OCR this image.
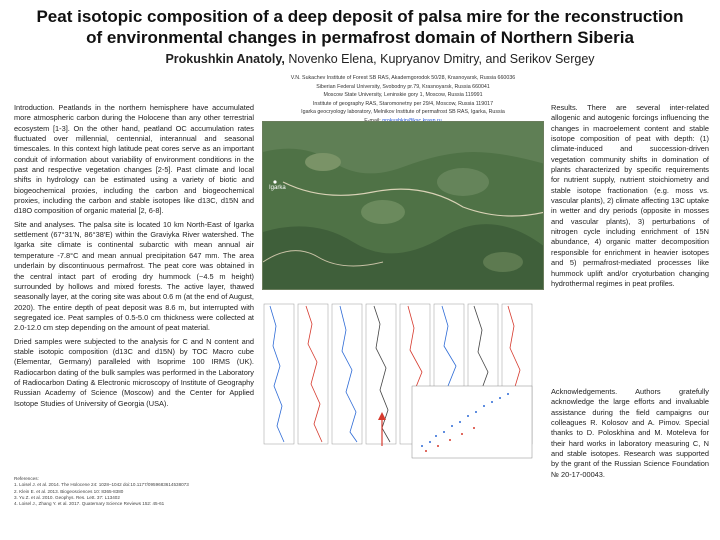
Peat isotopic composition of a deep deposit of palsa mire for the reconstruction
of environmental changes in permafrost domain of Northern Siberia
Prokushkin Anatoly, Novenko Elena, Kupryanov Dmitry, and Serikov Sergey
V.N. Sukachev Institute of Forest SB RAS, Akademgorodok 50/28, Krasnoyarsk, Russia 660036
Siberian Federal University, Svobodny pr.79, Krasnoyarsk, Russia 660041
Moscow State University, Leninskie gory 1, Moscow, Russia 119991
Institute of geography RAS, Staromonetny per 29/4, Moscow, Russia 119017
Igarka geocryology laboratory, Melnikov Institute of permafrost SB RAS, Igarka, Russia

Introduction. Peatlands in the northern hemisphere have accumulated more atmospheric carbon during the Holocene than any other terrestrial ecosystem [1-3]. On the other hand, peatland OC accumulation rates fluctuated over millennial, centennial, interannual and seasonal timescales. In this context high latitude peat cores serve as an important conduit of information about variability of environment conditions in the past and respective vegetation changes [2-5]. Past climate and local shifts in hydrology can be estimated using a variety of biotic and biogeochemical proxies, including the carbon and biogeochemical proxies, including the carbon and stable isotopes like d13C, d15N and d18O composition of organic material [2, 6-8].

Site and analyses. The palsa site is located 10 km North-East of Igarka settlement (67°31'N, 86°38'E) within the Graviyka River watershed. The Igarka site climate is continental subarctic with mean annual air temperature -7.8°C and mean annual precipitation 647 mm. The area underlain by discontinuous permafrost. The peat core was obtained in the central intact part of eroding dry hummock (~4.5 m height) surrounded by hollows and mixed forests. The active layer, thawed seasonally layer, at the coring site was about 0.6 m (at the end of August, 2020). The entire depth of peat deposit was 8.6 m, but interrupted with segregated ice. Peat samples of 0.5-5.0 cm thickness were collected at 2.0-12.0 cm step depending on the amount of peat material.

Dried samples were subjected to the analysis for C and N content and stable isotopic composition (d13C and d15N) by TOC Macro cube (Elementar, Germany) paralleled with Isoprime 100 IRMS (UK). Radiocarbon dating of the bulk samples was performed in the Laboratory of Radiocarbon Dating & Electronic microscopy of Institute of Geography Russian Academy of Science (Moscow) and the Center for Applied Isotope Studies of University of Georgia (USA).

Igarka

Results. There are several inter-related allogenic and autogenic forcings influencing the changes in macroelement content and stable isotope composition of peat with depth: (1) climate-induced and succession-driven vegetation community shifts in domination of plants characterized by specific requirements for nutrient supply, nutrient stoichiometry and stable isotope fractionation (e.g. moss vs. vascular plants), 2) climate affecting 13C uptake in wetter and dry periods (opposite in mosses and vascular plants), 3) perturbations of nitrogen cycle including enrichment of 15N abundance, 4) organic matter decomposition responsible for enrichment in heavier isotopes and 5) permafrost-mediated processes like hummock uplift and/or cryoturbation changing hydrothermal regimes in peat profiles.

Acknowledgements. Authors gratefully acknowledge the large efforts and invaluable assistance during the field campaigns our colleagues R. Kolosov and A. Pimov. Special thanks to D. Poloskhina and M. Moteleva for their hard works in laboratory measuring C, N and stable isotopes. Research was supported by the grant of the Russian Science Foundation № 20-17-00043.

References:
1. Loisel J. et al. 2014. The Holocene 24: 1028–1042 doi:10.1177/0959683614538073
2. Klein E. et al. 2013. Biogeosciences 10: 8365-8380
3. Yu Z. et al. 2010. Geophys. Res. Lett. 37: L13402
4. Loisel J., Zhang Y. et al. 2017. Quaternary Science Reviews 152: 45-61
